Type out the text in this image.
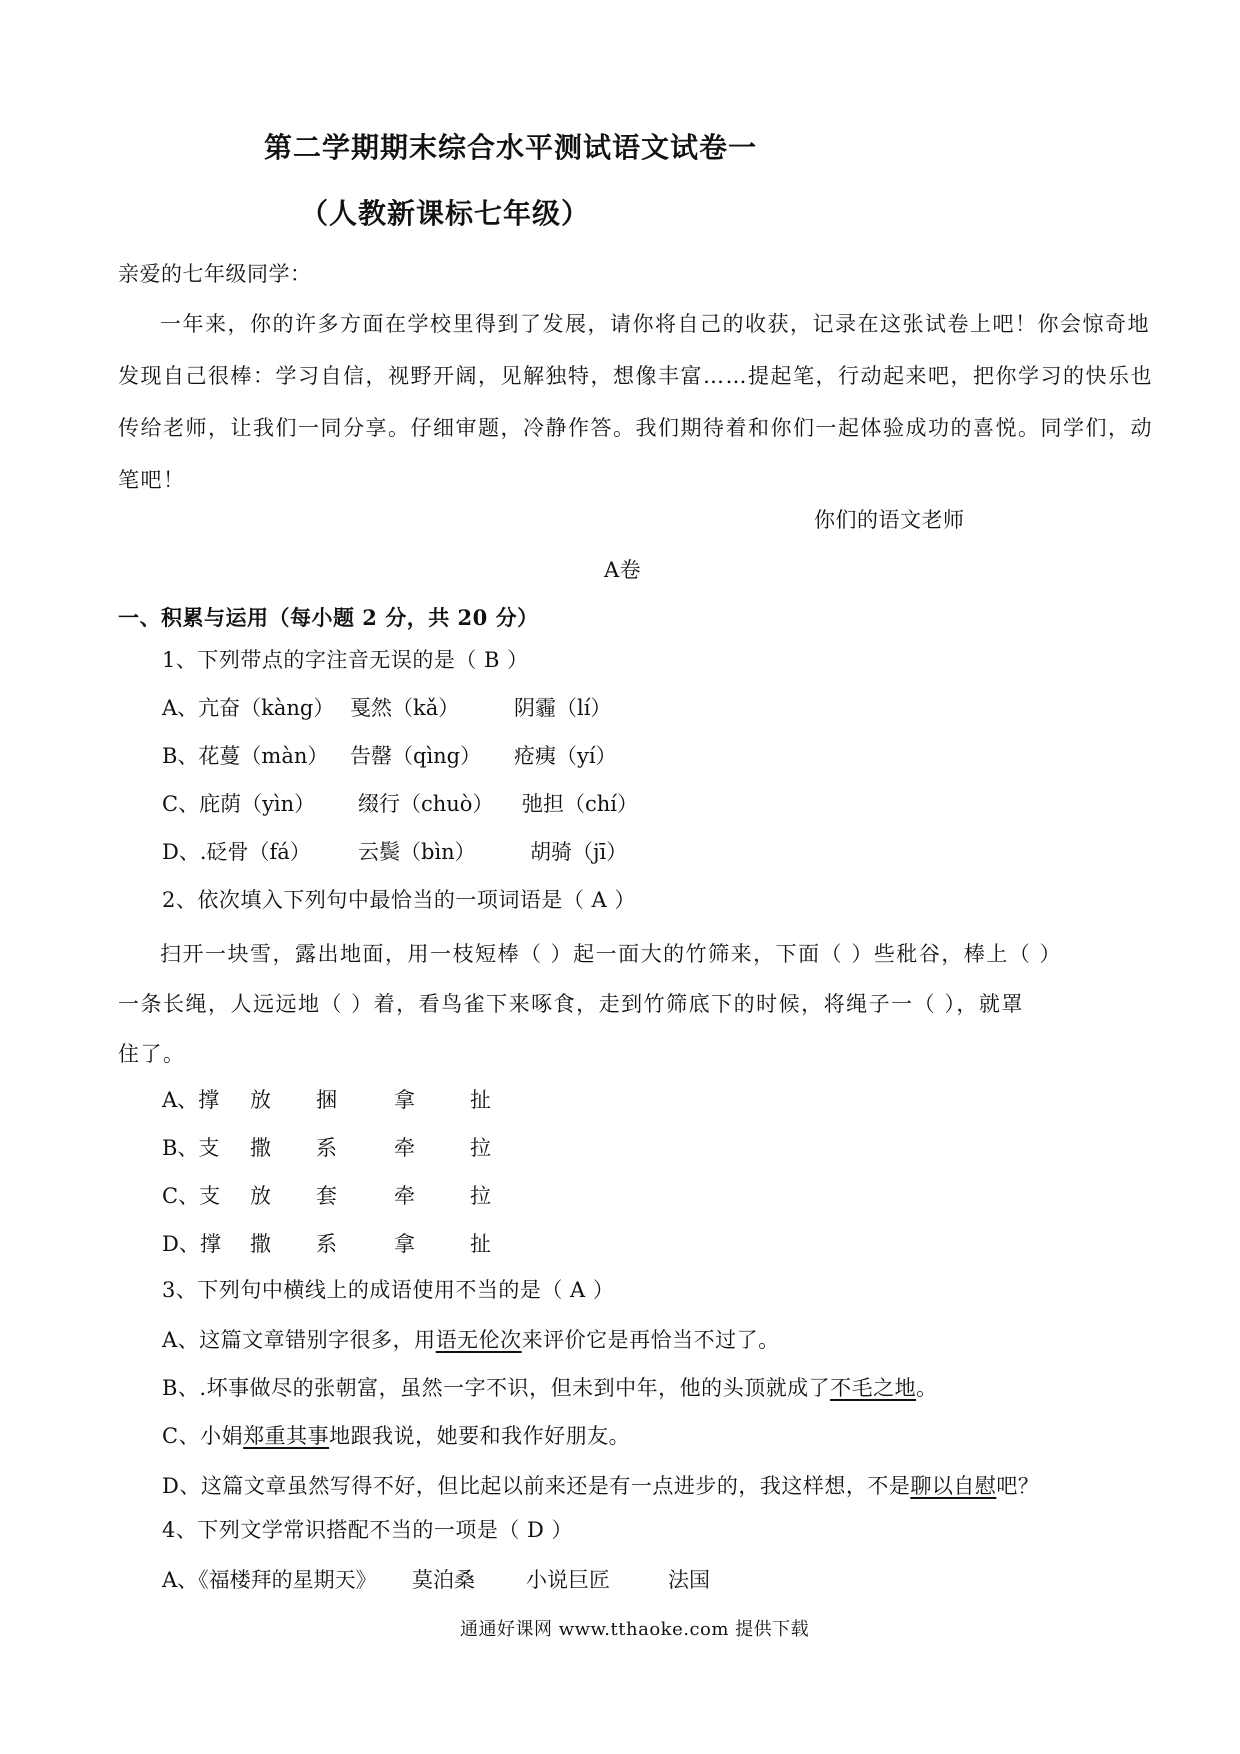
第二学期期末综合水平测试语文试卷一
（人教新课标七年级）
亲爱的七年级同学：
一年来，你的许多方面在学校里得到了发展，请你将自己的收获，记录在这张试卷上吧！你会惊奇地
发现自己很棒：学习自信，视野开阔，见解独特，想像丰富……提起笔，行动起来吧，把你学习的快乐也
传给老师，让我们一同分享。仔细审题，冷静作答。我们期待着和你们一起体验成功的喜悦。同学们，动
笔吧！
你们的语文老师
A卷
一、积累与运用（每小题 2 分，共 20 分）
1、下列带点的字注音无误的是（ B ）
A、亢奋（kàng） 戛然（kǎ）	阴霾（lí）
B、花蔓（màn） 告罄（qìng） 疮痍（yí）
C、庇荫（yìn） 缀行（chuò） 弛担（chí）
D、.砭骨（fá） 云鬓（bìn）	胡骑（jī）
2、依次填入下列句中最恰当的一项词语是（ A ）
扫开一块雪，露出地面，用一枝短棒（ ）起一面大的竹筛来，下面（ ）些秕谷，棒上（ ）
一条长绳，人远远地（ ）着，看鸟雀下来啄食，走到竹筛底下的时候，将绳子一（ ），就罩
住了。
A、撑 放 捆	拿	扯
B、支 撒 系	牵	拉
C、支 放 套	牵	拉
D、撑 撒 系	拿	扯
3、下列句中横线上的成语使用不当的是（ A ）
A、这篇文章错别字很多，用语无伦次来评价它是再恰当不过了。
B、.坏事做尽的张朝富，虽然一字不识，但未到中年，他的头顶就成了不毛之地。
C、小娟郑重其事地跟我说，她要和我作好朋友。
D、这篇文章虽然写得不好，但比起以前来还是有一点进步的，我这样想，不是聊以自慰吧？
4、下列文学常识搭配不当的一项是（ D ）
A、《福楼拜的星期天》 莫泊桑 小说巨匠	法国
通通好课网 www.tthaoke.com 提供下载
